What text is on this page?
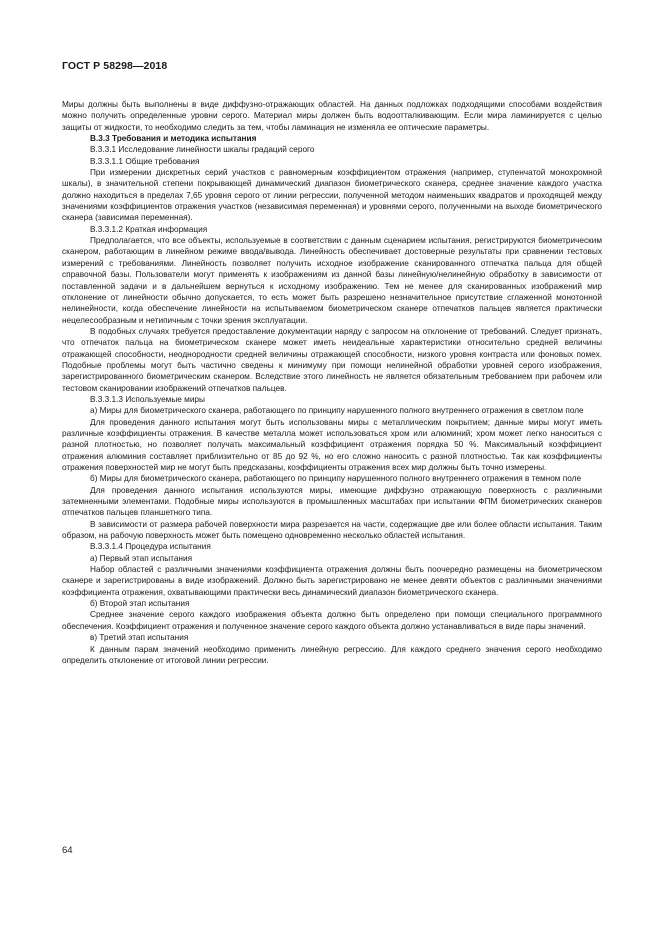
ГОСТ Р 58298—2018

Миры должны быть выполнены в виде диффузно-отражающих областей. На данных подложках подходящими способами воздействия можно получить определенные уровни серого. Материал миры должен быть водоотталкивающим. Если мира ламинируется с целью защиты от жидкости, то необходимо следить за тем, чтобы ламинация не изменяла ее оптические параметры.

В.3.3 Требования и методика испытания

В.3.3.1 Исследование линейности шкалы градаций серого

В.3.3.1.1 Общие требования

При измерении дискретных серий участков с равномерным коэффициентом отражения (например, ступенчатой монохромной шкалы), в значительной степени покрывающей динамический диапазон биометрического сканера, среднее значение каждого участка должно находиться в пределах 7,65 уровня серого от линии регрессии, полученной методом наименьших квадратов и проходящей между значениями коэффициентов отражения участков (независимая переменная) и уровнями серого, полученными на выходе биометрического сканера (зависимая переменная).

В.3.3.1.2 Краткая информация

Предполагается, что все объекты, используемые в соответствии с данным сценарием испытания, регистрируются биометрическим сканером, работающим в линейном режиме ввода/вывода. Линейность обеспечивает достоверные результаты при сравнении тестовых измерений с требованиями. Линейность позволяет получить исходное изображение сканированного отпечатка пальца для общей справочной базы. Пользователи могут применять к изображениям из данной базы линейную/нелинейную обработку в зависимости от поставленной задачи и в дальнейшем вернуться к исходному изображению. Тем не менее для сканированных изображений мир отклонение от линейности обычно допускается, то есть может быть разрешено незначительное присутствие сглаженной монотонной нелинейности, когда обеспечение линейности на испытываемом биометрическом сканере отпечатков пальцев является практически нецелесообразным и нетипичным с точки зрения эксплуатации.

В подобных случаях требуется предоставление документации наряду с запросом на отклонение от требований. Следует признать, что отпечаток пальца на биометрическом сканере может иметь неидеальные характеристики относительно средней величины отражающей способности, неоднородности средней величины отражающей способности, низкого уровня контраста или фоновых помех. Подобные проблемы могут быть частично сведены к минимуму при помощи нелинейной обработки уровней серого изображения, зарегистрированного биометрическим сканером. Вследствие этого линейность не является обязательным требованием при рабочем или тестовом сканировании изображений отпечатков пальцев.

В.3.3.1.3 Используемые миры

а) Миры для биометрического сканера, работающего по принципу нарушенного полного внутреннего отражения в светлом поле

Для проведения данного испытания могут быть использованы миры с металлическим покрытием; данные миры могут иметь различные коэффициенты отражения. В качестве металла может использоваться хром или алюминий; хром может легко наноситься с разной плотностью, но позволяет получать максимальный коэффициент отражения порядка 50 %. Максимальный коэффициент отражения алюминия составляет приблизительно от 85 до 92 %, но его сложно наносить с разной плотностью. Так как коэффициенты отражения поверхностей мир не могут быть предсказаны, коэффициенты отражения всех мир должны быть точно измерены.

б) Миры для биометрического сканера, работающего по принципу нарушенного полного внутреннего отражения в темном поле

Для проведения данного испытания используются миры, имеющие диффузно отражающую поверхность с различными затемненными элементами. Подобные миры используются в промышленных масштабах при испытании ФПМ биометрических сканеров отпечатков пальцев планшетного типа.

В зависимости от размера рабочей поверхности мира разрезается на части, содержащие две или более области испытания. Таким образом, на рабочую поверхность может быть помещено одновременно несколько областей испытания.

В.3.3.1.4 Процедура испытания

а) Первый этап испытания

Набор областей с различными значениями коэффициента отражения должны быть поочередно размещены на биометрическом сканере и зарегистрированы в виде изображений. Должно быть зарегистрировано не менее девяти объектов с различными значениями коэффициента отражения, охватывающими практически весь динамический диапазон биометрического сканера.

б) Второй этап испытания

Среднее значение серого каждого изображения объекта должно быть определено при помощи специального программного обеспечения. Коэффициент отражения и полученное значение серого каждого объекта должно устанавливаться в виде пары значений.

в) Третий этап испытания

К данным парам значений необходимо применить линейную регрессию. Для каждого среднего значения серого необходимо определить отклонение от итоговой линии регрессии.

64
